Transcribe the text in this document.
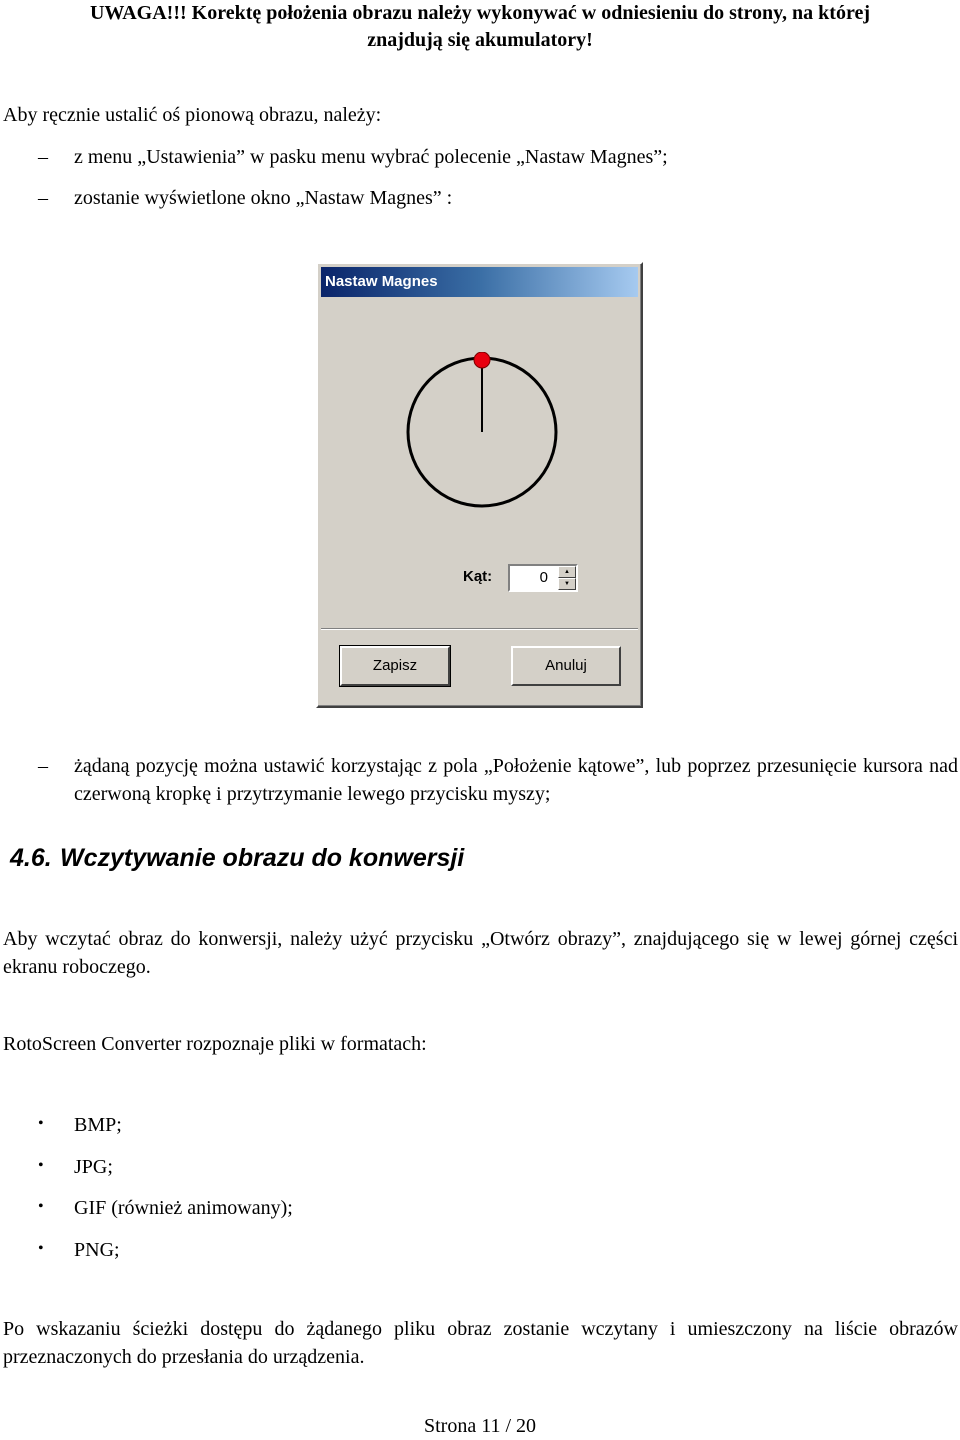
UWAGA!!! Korektę położenia obrazu należy wykonywać w odniesieniu do strony, na której
znajdują się akumulatory!
Aby ręcznie ustalić oś pionową obrazu, należy:
– z menu „Ustawienia” w pasku menu wybrać polecenie „Nastaw Magnes”;
– zostanie wyświetlone okno „Nastaw Magnes” :
Nastaw Magnes
Kąt:	0	▲
▼
Zapisz	Anuluj
– żądaną pozycję można ustawić korzystając z pola „Położenie kątowe”, lub poprzez przesunięcie kursora nad czerwoną kropkę i przytrzymanie lewego przycisku myszy;
4.6. Wczytywanie obrazu do konwersji
Aby wczytać obraz do konwersji, należy użyć przycisku „Otwórz obrazy”, znajdującego się w lewej górnej części ekranu roboczego.
RotoScreen Converter rozpoznaje pliki w formatach:
• BMP;
• JPG;
• GIF (również animowany);
• PNG;
Po wskazaniu ścieżki dostępu do żądanego pliku obraz zostanie wczytany i umieszczony na liście obrazów przeznaczonych do przesłania do urządzenia.
Strona 11 / 20
